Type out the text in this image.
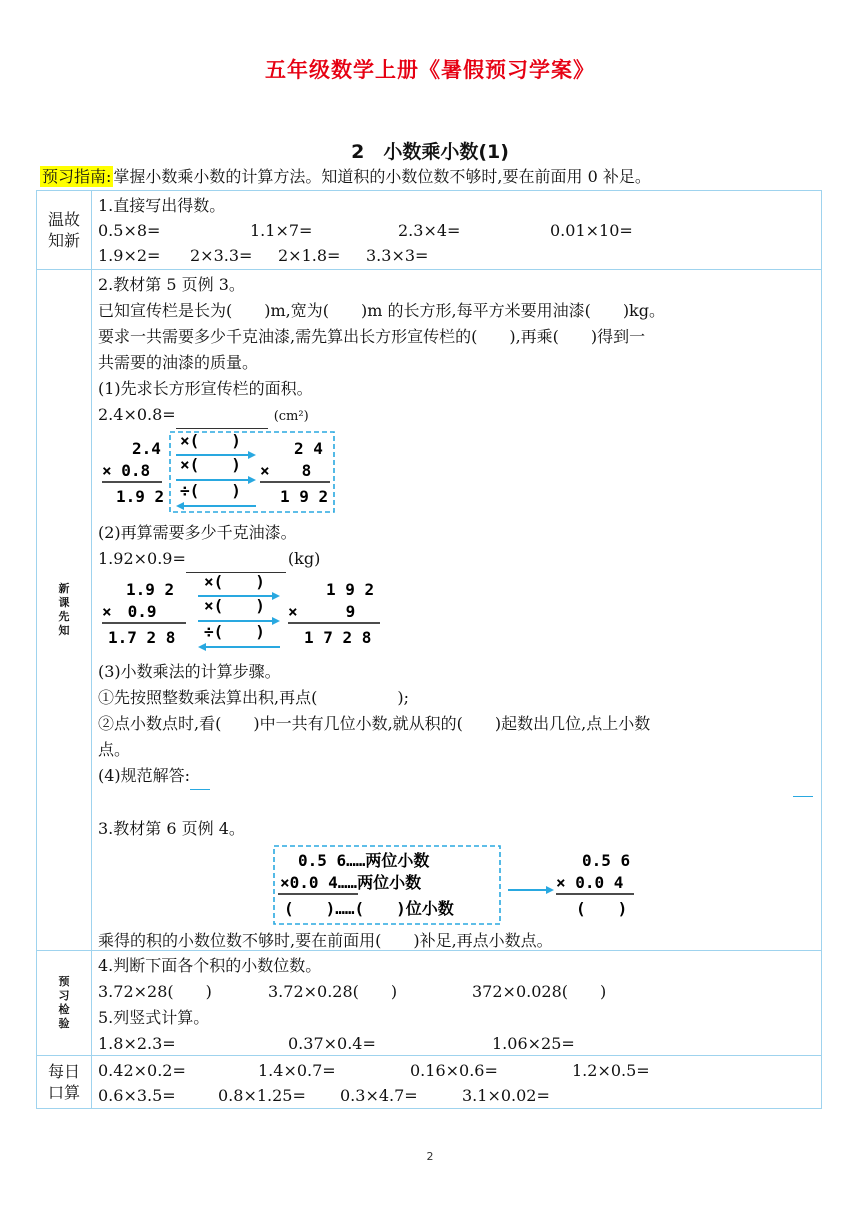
五年级数学上册《暑假预习学案》
2　小数乘小数(1)
预习指南: 掌握小数乘小数的计算方法。知道积的小数位数不够时,要在前面用 0 补足。
温故
知新
1.直接写出得数。
0.5×8=	1.1×7=	2.3×4=	0.01×10=
1.9×2= 2×3.3= 2×1.8= 3.3×3=
新课先知
2.教材第 5 页例 3。
已知宣传栏是长为(　　)m,宽为(　　)m 的长方形,每平方米要用油漆(　　)kg。
要求一共需要多少千克油漆,需先算出长方形宣传栏的(　　),再乘(　　)得到一
共需要的油漆的质量。
(1)先求长方形宣传栏的面积。
2.4×0.8=	(cm²)
2.4
× 0.8
1.9 2
×(　　)
×(　　)
÷(　　)
2 4
×　　8
1 9 2
(2)再算需要多少千克油漆。
1.92×0.9=	(kg)
1.9 2
×　0.9
1.7 2 8
×(　　)
×(　　)
÷(　　)
1 9 2
×　　　9
1 7 2 8
(3)小数乘法的计算步骤。
①先按照整数乘法算出积,再点(　　　　　);
②点小数点时,看(　　)中一共有几位小数,就从积的(　　)起数出几位,点上小数
点。
(4)规范解答:
3.教材第 6 页例 4。
0.5 6……两位小数
×0.0 4……两位小数
(　　)……(　　)位小数
0.5 6
× 0.0 4
(　　)
乘得的积的小数位数不够时,要在前面用(　　)补足,再点小数点。
预习检验
4.判断下面各个积的小数位数。
3.72×28(　　)	3.72×0.28(　　)	372×0.028(　　)
5.列竖式计算。
1.8×2.3=	0.37×0.4=	1.06×25=
每日
口算
0.42×0.2=	1.4×0.7=	0.16×0.6=	1.2×0.5=
0.6×3.5=	0.8×1.25= 0.3×4.7=	3.1×0.02=
2
